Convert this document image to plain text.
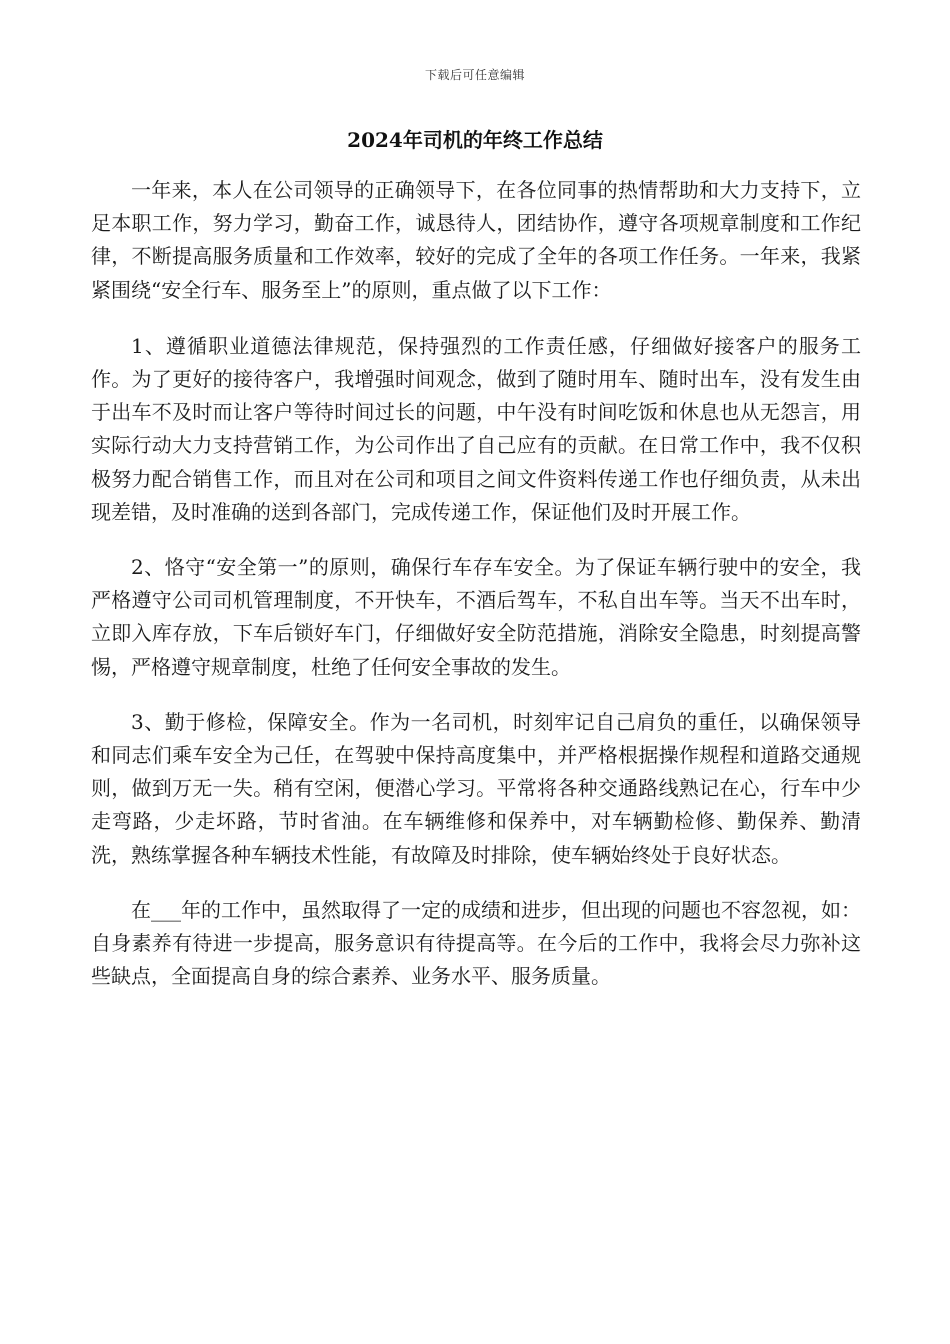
下载后可任意编辑
2024年司机的年终工作总结

一年来，本人在公司领导的正确领导下，在各位同事的热情帮助和大力支持下，立足本职工作，努力学习，勤奋工作，诚恳待人，团结协作，遵守各项规章制度和工作纪律，不断提高服务质量和工作效率，较好的完成了全年的各项工作任务。一年来，我紧紧围绕“安全行车、服务至上”的原则，重点做了以下工作：

1、遵循职业道德法律规范，保持强烈的工作责任感，仔细做好接客户的服务工作。为了更好的接待客户，我增强时间观念，做到了随时用车、随时出车，没有发生由于出车不及时而让客户等待时间过长的问题，中午没有时间吃饭和休息也从无怨言，用实际行动大力支持营销工作，为公司作出了自己应有的贡献。在日常工作中，我不仅积极努力配合销售工作，而且对在公司和项目之间文件资料传递工作也仔细负责，从未出现差错，及时准确的送到各部门，完成传递工作，保证他们及时开展工作。

2、恪守“安全第一”的原则，确保行车存车安全。为了保证车辆行驶中的安全，我严格遵守公司司机管理制度，不开快车，不酒后驾车，不私自出车等。当天不出车时，立即入库存放，下车后锁好车门，仔细做好安全防范措施，消除安全隐患，时刻提高警惕，严格遵守规章制度，杜绝了任何安全事故的发生。

3、勤于修检，保障安全。作为一名司机，时刻牢记自己肩负的重任，以确保领导和同志们乘车安全为己任，在驾驶中保持高度集中，并严格根据操作规程和道路交通规则，做到万无一失。稍有空闲，便潜心学习。平常将各种交通路线熟记在心，行车中少走弯路，少走坏路，节时省油。在车辆维修和保养中，对车辆勤检修、勤保养、勤清洗，熟练掌握各种车辆技术性能，有故障及时排除，使车辆始终处于良好状态。

在___年的工作中，虽然取得了一定的成绩和进步，但出现的问题也不容忽视，如：自身素养有待进一步提高，服务意识有待提高等。在今后的工作中，我将会尽力弥补这些缺点，全面提高自身的综合素养、业务水平、服务质量。
